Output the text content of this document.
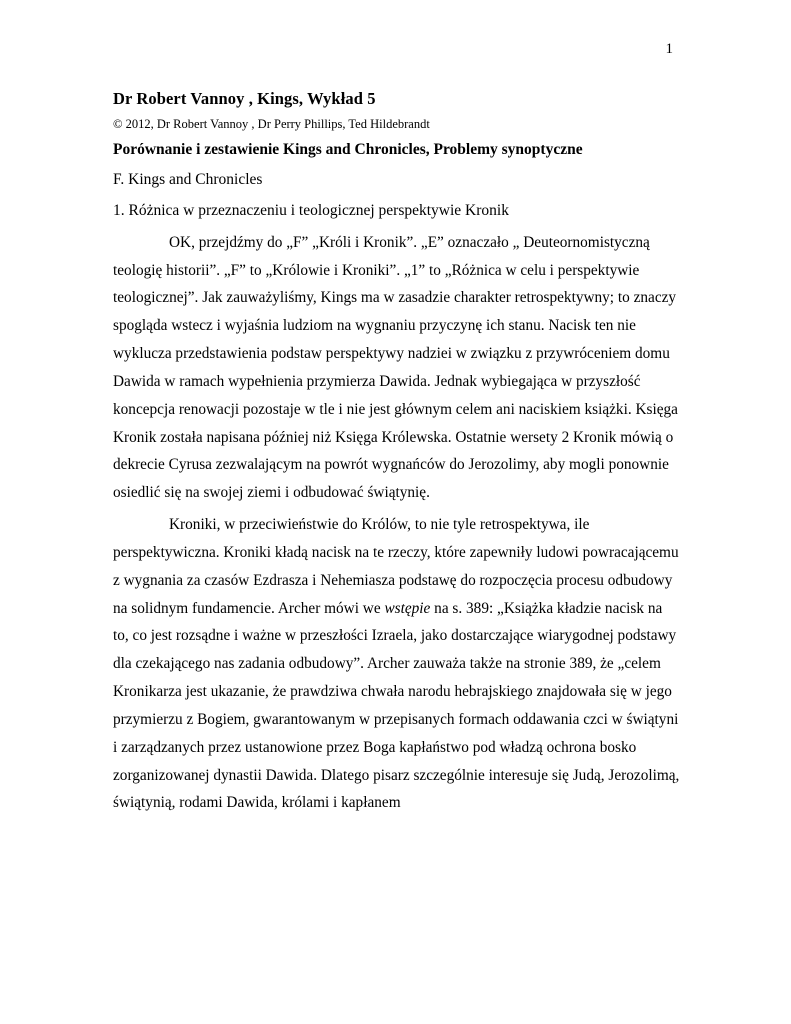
1
Dr Robert Vannoy , Kings, Wykład 5
© 2012, Dr Robert Vannoy , Dr Perry Phillips, Ted Hildebrandt
Porównanie i zestawienie Kings and Chronicles, Problemy synoptyczne
F. Kings and Chronicles
1. Różnica w przeznaczeniu i teologicznej perspektywie Kronik

OK, przejdźmy do „F” „Króli i Kronik”. „E” oznaczało „ Deuteornomistyczną teologię historii”. „F” to „Królowie i Kroniki”. „1” to „Różnica w celu i perspektywie teologicznej”. Jak zauważyliśmy, Kings ma w zasadzie charakter retrospektywny; to znaczy spogląda wstecz i wyjaśnia ludziom na wygnaniu przyczynę ich stanu. Nacisk ten nie wyklucza przedstawienia podstaw perspektywy nadziei w związku z przywróceniem domu Dawida w ramach wypełnienia przymierza Dawida. Jednak wybiegająca w przyszłość koncepcja renowacji pozostaje w tle i nie jest głównym celem ani naciskiem książki. Księga Kronik została napisana później niż Księga Królewska. Ostatnie wersety 2 Kronik mówią o dekrecie Cyrusa zezwalającym na powrót wygnańców do Jerozolimy, aby mogli ponownie osiedlić się na swojej ziemi i odbudować świątynię.

Kroniki, w przeciwieństwie do Królów, to nie tyle retrospektywa, ile perspektywiczna. Kroniki kładą nacisk na te rzeczy, które zapewniły ludowi powracającemu z wygnania za czasów Ezdrasza i Nehemiasza podstawę do rozpoczęcia procesu odbudowy na solidnym fundamencie. Archer mówi we wstępie na s. 389: „Książka kładzie nacisk na to, co jest rozsądne i ważne w przeszłości Izraela, jako dostarczające wiarygodnej podstawy dla czekającego nas zadania odbudowy”. Archer zauważa także na stronie 389, że „celem Kronikarza jest ukazanie, że prawdziwa chwała narodu hebrajskiego znajdowała się w jego przymierzu z Bogiem, gwarantowanym w przepisanych formach oddawania czci w świątyni i zarządzanych przez ustanowione przez Boga kapłaństwo pod władzą ochrona bosko zorganizowanej dynastii Dawida. Dlatego pisarz szczególnie interesuje się Judą, Jerozolimą, świątynią, rodami Dawida, królami i kapłanem
